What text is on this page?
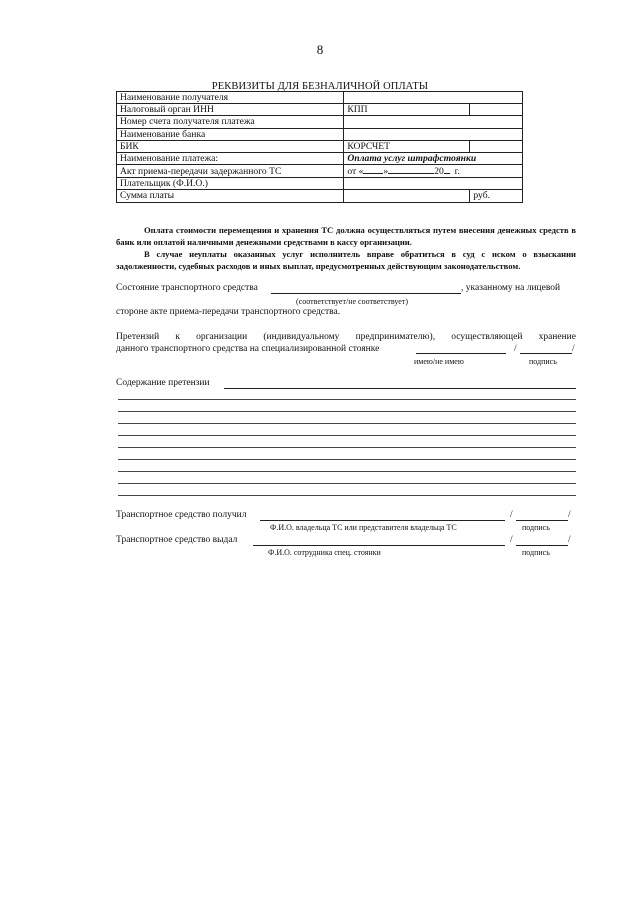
8
РЕКВИЗИТЫ ДЛЯ БЕЗНАЛИЧНОЙ ОПЛАТЫ
Наименование получателя	
Налоговый орган ИНН	КПП

Номер счета получателя платежа	
Наименование банка	
БИК	КОРСЧЕТ

Наименование платежа:	Оплата услуг штрафстоянки
Акт приема-передачи задержанного ТС	от « » 20 г.
Плательщик (Ф.И.О.)	
Сумма платы	руб.
Оплата стоимости перемещения и хранения ТС должна осуществляться путем внесения денежных средств в банк или оплатой наличными денежными средствами в кассу организации.
В случае неуплаты оказанных услуг исполнитель вправе обратиться в суд с иском о взыскании задолженности, судебных расходов и иных выплат, предусмотренных действующим законодательством.
Состояние транспортного средства	, указанному на лицевой
(соответствует/не соответствует)
стороне акте приема-передачи транспортного средства.
Претензий к организации (индивидуальному предпринимателю), осуществляющей хранение
данного транспортного средства на специализированной стоянке	/	/
имею/не имею	подпись
Содержание претензии
Транспортное средство получил	/	/
Ф.И.О. владельца ТС или представителя владельца ТС	подпись
Транспортное средство выдал	/	/
Ф.И.О. сотрудника спец. стоянки	подпись
